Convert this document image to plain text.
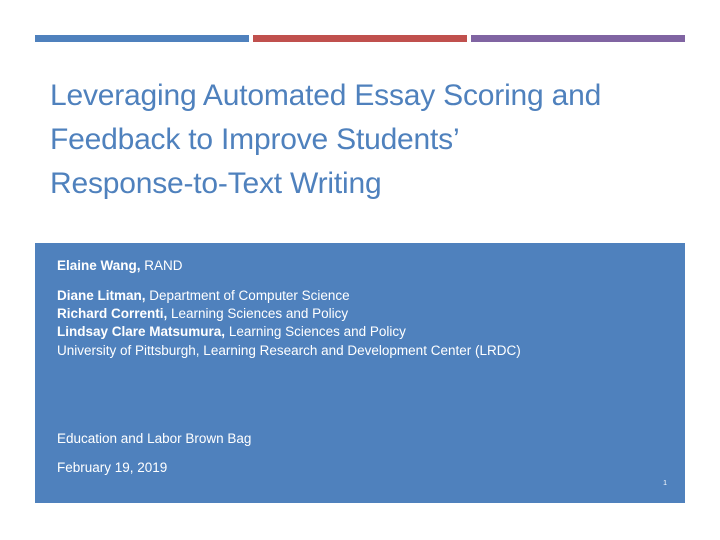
Leveraging Automated Essay Scoring and
Feedback to Improve Students’
Response-to-Text Writing

Elaine Wang, RAND

Diane Litman, Department of Computer Science

Richard Correnti, Learning Sciences and Policy

Lindsay Clare Matsumura, Learning Sciences and Policy

University of Pittsburgh, Learning Research and Development Center (LRDC)

Education and Labor Brown Bag

February 19, 2019

1
